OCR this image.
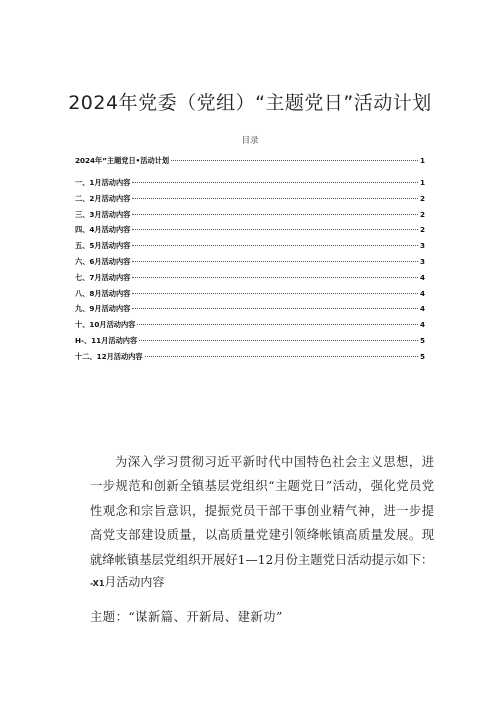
2024年党委（党组）“主题党日”活动计划
目录
2024年”主题党日•活动计划	1
一、1月活动内容	1
二、2月活动内容	2
三、3月活动内容	2
四、4月活动内容	2
五、5月活动内容	3
六、6月活动内容	3
七、7月活动内容	4
八、8月活动内容	4
九、9月活动内容	4
十、10月活动内容	4
H-、11月活动内容	5
十二、12月活动内容	5
为深入学习贯彻习近平新时代中国特色社会主义思想，进一步规范和创新全镇基层党组织“主题党日”活动，强化党员党性观念和宗旨意识，提振党员干部干事创业精气神，进一步提高党支部建设质量，以高质量党建引领绛帐镇高质量发展。现就绛帐镇基层党组织开展好1—12月份主题党日活动提示如下：
-X1月活动内容
主题：“谋新篇、开新局、建新功”
